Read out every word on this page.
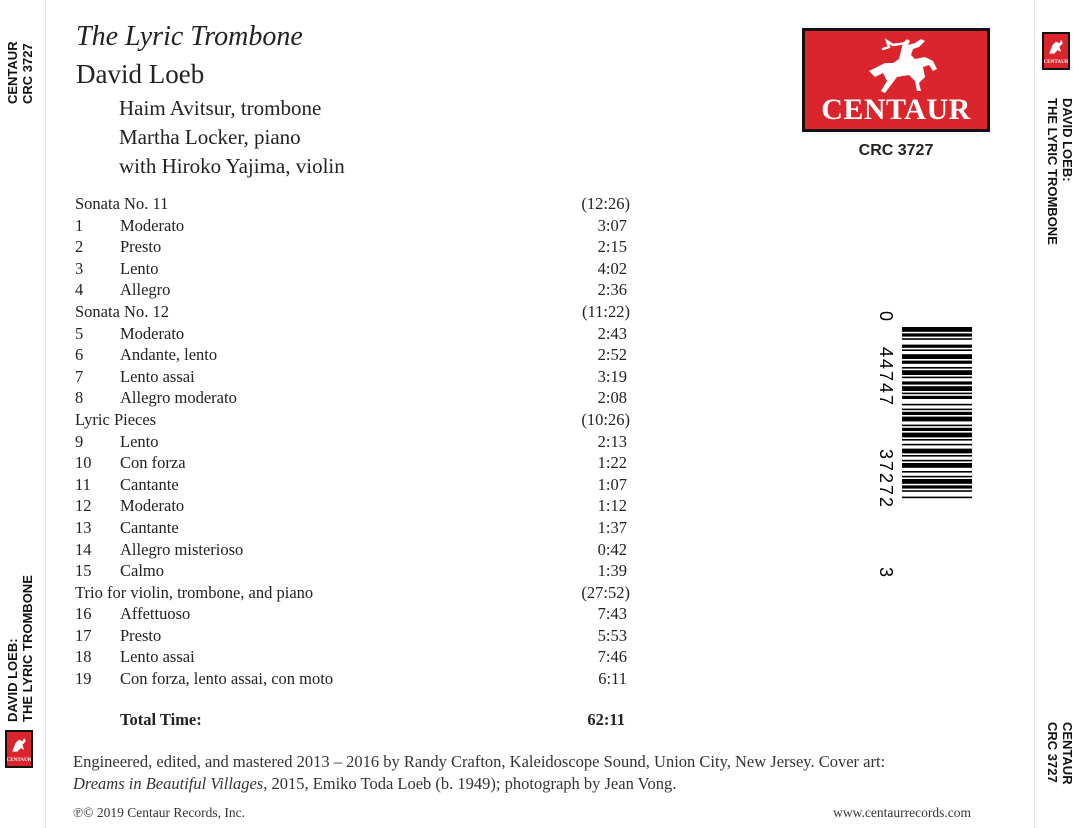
CENTAUR CRC 3727
DAVID LOEB: THE LYRIC TROMBONE
CENTAUR
CENTAUR
DAVID LOEB:
THE LYRIC TROMBONE
CENTAUR
CRC 3727
The Lyric Trombone
David Loeb
Haim Avitsur, trombone
Martha Locker, piano
with Hiroko Yajima, violin
CENTAUR
CRC 3727
Sonata No. 11	(12:26)
1 Moderato	3:07
2 Presto	2:15
3 Lento	4:02
4 Allegro	2:36
Sonata No. 12	(11:22)
5 Moderato	2:43
6 Andante, lento	2:52
7 Lento assai	3:19
8 Allegro moderato	2:08
Lyric Pieces	(10:26)
9 Lento	2:13
10 Con forza	1:22
11 Cantante	1:07
12 Moderato	1:12
13 Cantante	1:37
14 Allegro misterioso	0:42
15 Calmo	1:39
Trio for violin, trombone, and piano	(27:52)
16 Affettuoso	7:43
17 Presto	5:53
18 Lento assai	7:46
19 Con forza, lento assai, con moto	6:11
Total Time:	62:11
0
44747
37272
3
Engineered, edited, and mastered 2013 – 2016 by Randy Crafton, Kaleidoscope Sound, Union City, New Jersey. Cover art:
Dreams in Beautiful Villages, 2015, Emiko Toda Loeb (b. 1949); photograph by Jean Vong.
℗© 2019 Centaur Records, Inc.	www.centaurrecords.com
